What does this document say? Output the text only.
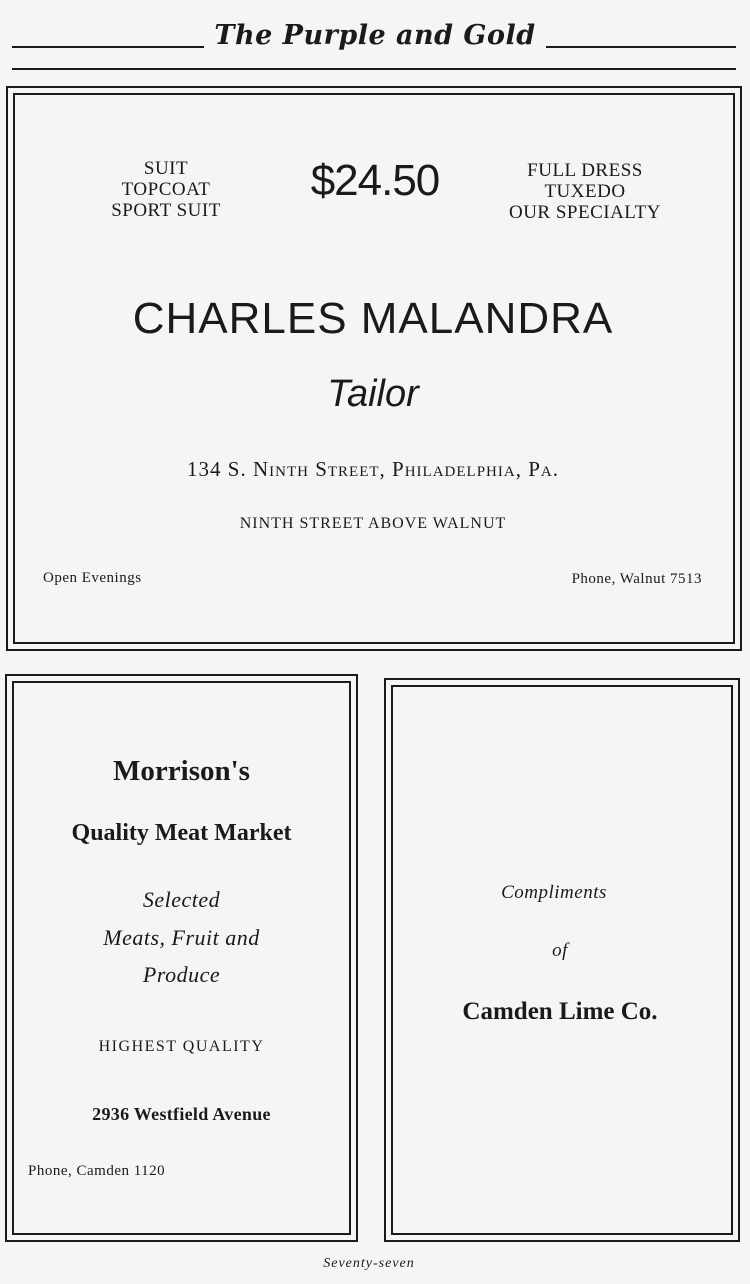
The Purple and Gold
SUIT
TOPCOAT
SPORT SUIT
$24.50	FULL DRESS
TUXEDO
OUR SPECIALTY
CHARLES MALANDRA
Tailor
134 S. Ninth Street, Philadelphia, Pa.
NINTH STREET ABOVE WALNUT
Open Evenings	Phone, Walnut 7513
Morrison's
Quality Meat Market
Selected
Meats, Fruit and
Produce
HIGHEST QUALITY
2936 Westfield Avenue
Phone, Camden 1120
Compliments
of
Camden Lime Co.
Seventy-seven
